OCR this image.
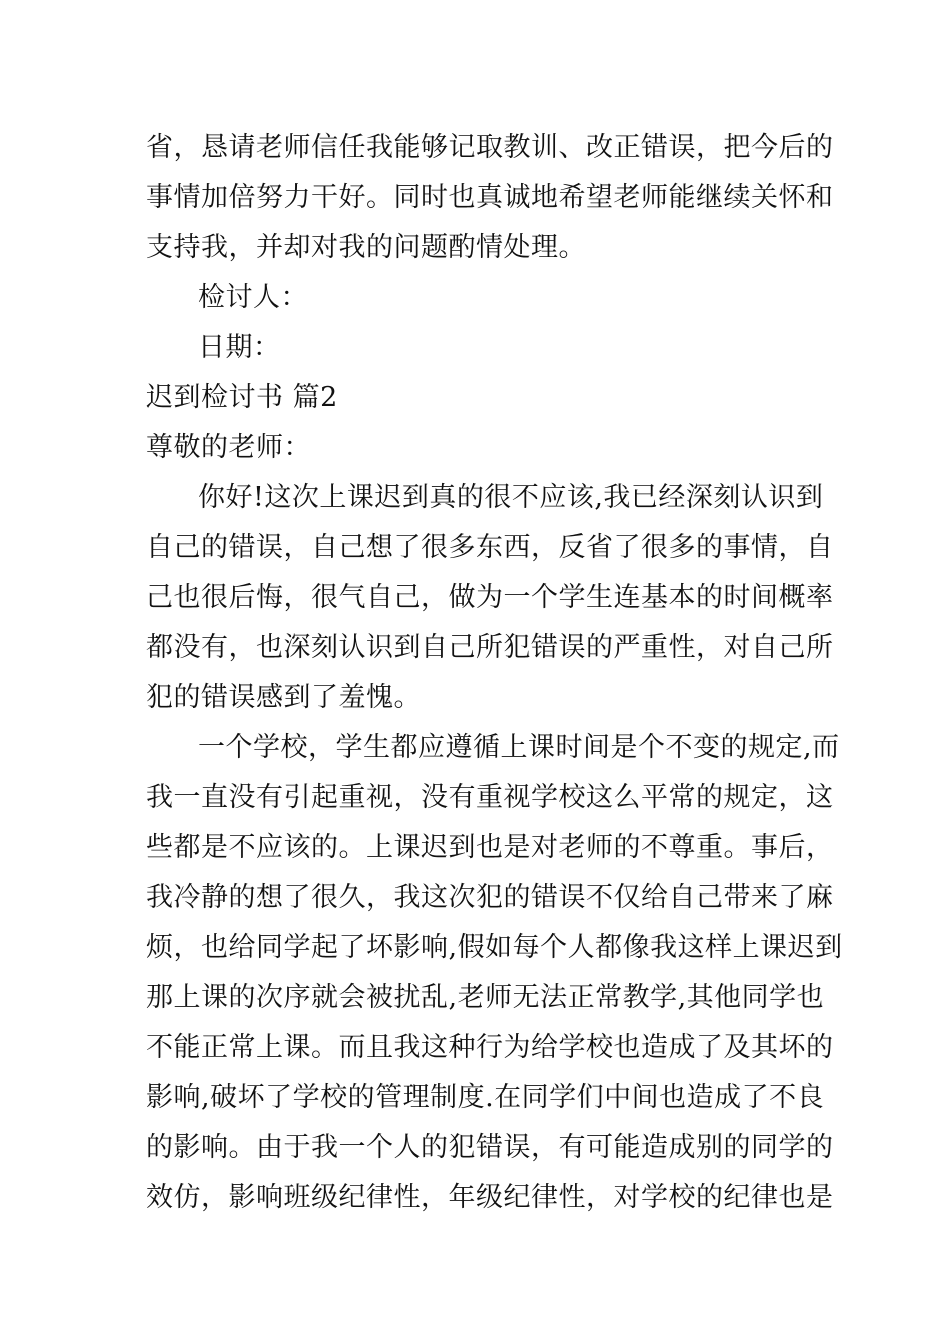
省，恳请老师信任我能够记取教训、改正错误，把今后的
事情加倍努力干好。同时也真诚地希望老师能继续关怀和
支持我，并却对我的问题酌情处理。
检讨人：
日期：
迟到检讨书 篇2
尊敬的老师：
你好!这次上课迟到真的很不应该,我已经深刻认识到
自己的错误，自己想了很多东西，反省了很多的事情，自
己也很后悔，很气自己，做为一个学生连基本的时间概率
都没有，也深刻认识到自己所犯错误的严重性，对自己所
犯的错误感到了羞愧。
一个学校，学生都应遵循上课时间是个不变的规定,而
我一直没有引起重视，没有重视学校这么平常的规定，这
些都是不应该的。上课迟到也是对老师的不尊重。事后，
我冷静的想了很久，我这次犯的错误不仅给自己带来了麻
烦，也给同学起了坏影响,假如每个人都像我这样上课迟到
那上课的次序就会被扰乱,老师无法正常教学,其他同学也
不能正常上课。而且我这种行为给学校也造成了及其坏的
影响,破坏了学校的管理制度.在同学们中间也造成了不良
的影响。由于我一个人的犯错误，有可能造成别的同学的
效仿，影响班级纪律性，年级纪律性，对学校的纪律也是
